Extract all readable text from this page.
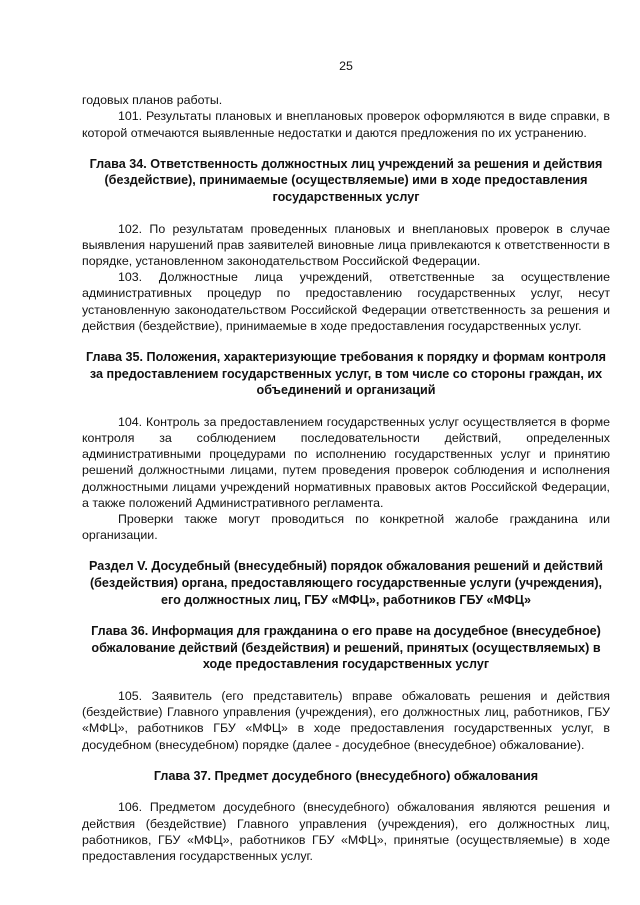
25

годовых планов работы.

101. Результаты плановых и внеплановых проверок оформляются в виде справки, в которой отмечаются выявленные недостатки и даются предложения по их устранению.

Глава 34. Ответственность должностных лиц учреждений за решения и действия (бездействие), принимаемые (осуществляемые) ими в ходе предоставления государственных услуг

102. По результатам проведенных плановых и внеплановых проверок в случае выявления нарушений прав заявителей виновные лица привлекаются к ответственности в порядке, установленном законодательством Российской Федерации.

103. Должностные лица учреждений, ответственные за осуществление административных процедур по предоставлению государственных услуг, несут установленную законодательством Российской Федерации ответственность за решения и действия (бездействие), принимаемые в ходе предоставления государственных услуг.

Глава 35. Положения, характеризующие требования к порядку и формам контроля за предоставлением государственных услуг, в том числе со стороны граждан, их объединений и организаций

104. Контроль за предоставлением государственных услуг осуществляется в форме контроля за соблюдением последовательности действий, определенных административными процедурами по исполнению государственных услуг и принятию решений должностными лицами, путем проведения проверок соблюдения и исполнения должностными лицами учреждений нормативных правовых актов Российской Федерации, а также положений Административного регламента.

Проверки также могут проводиться по конкретной жалобе гражданина или организации.

Раздел V. Досудебный (внесудебный) порядок обжалования решений и действий (бездействия) органа, предоставляющего государственные услуги (учреждения), его должностных лиц, ГБУ «МФЦ», работников ГБУ «МФЦ»
Глава 36. Информация для гражданина о его праве на досудебное (внесудебное) обжалование действий (бездействия) и решений, принятых (осуществляемых) в ходе предоставления государственных услуг

105. Заявитель (его представитель) вправе обжаловать решения и действия (бездействие) Главного управления (учреждения), его должностных лиц, работников, ГБУ «МФЦ», работников ГБУ «МФЦ» в ходе предоставления государственных услуг, в досудебном (внесудебном) порядке (далее - досудебное (внесудебное) обжалование).

Глава 37. Предмет досудебного (внесудебного) обжалования

106. Предметом досудебного (внесудебного) обжалования являются решения и действия (бездействие) Главного управления (учреждения), его должностных лиц, работников, ГБУ «МФЦ», работников ГБУ «МФЦ», принятые (осуществляемые) в ходе предоставления государственных услуг.
